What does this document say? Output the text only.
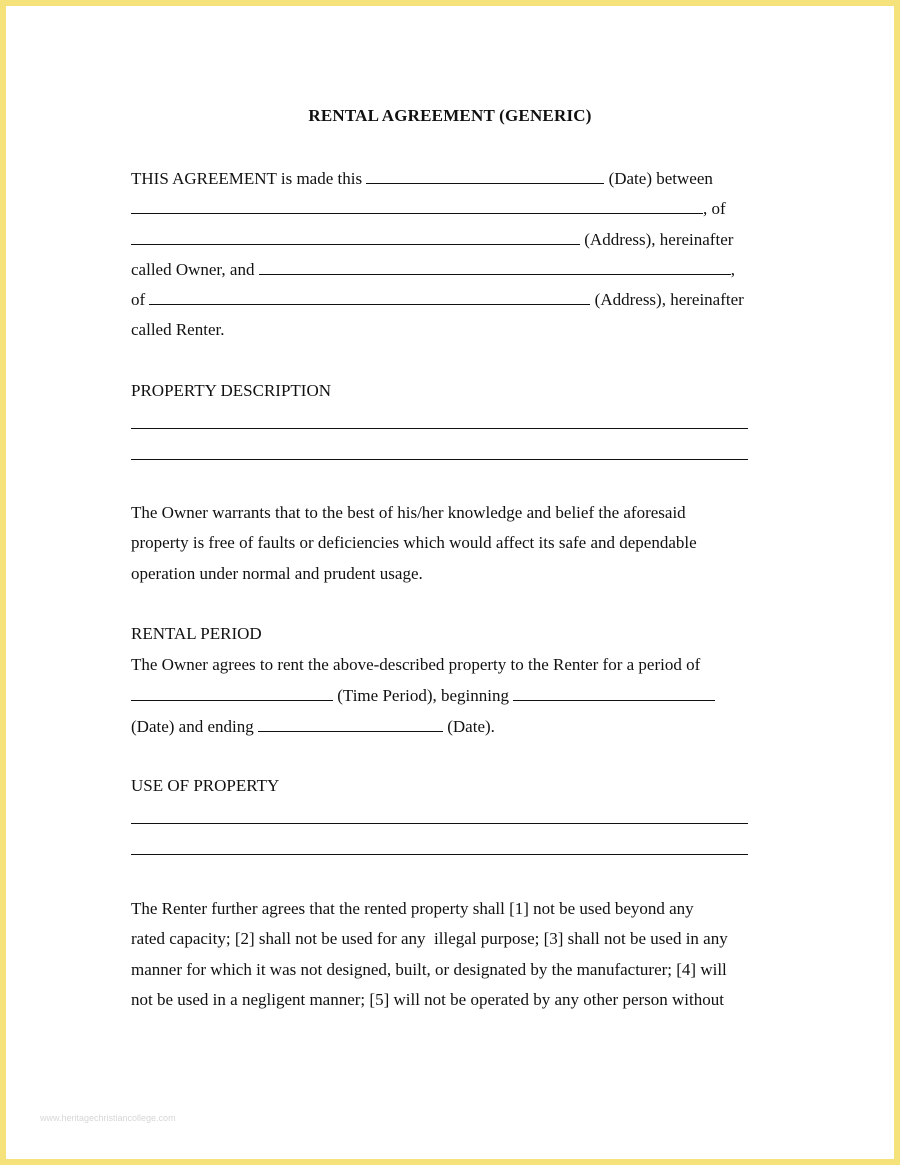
RENTAL AGREEMENT (GENERIC)
THIS AGREEMENT is made this	(Date) between
, of
(Address), hereinafter
called Owner, and	,
of	(Address), hereinafter
called Renter.
PROPERTY DESCRIPTION
The Owner warrants that to the best of his/her knowledge and belief the aforesaid
property is free of faults or deficiencies which would affect its safe and dependable
operation under normal and prudent usage.
RENTAL PERIOD
The Owner agrees to rent the above-described property to the Renter for a period of
(Time Period), beginning
(Date) and ending	(Date).
USE OF PROPERTY
The Renter further agrees that the rented property shall [1] not be used beyond any
rated capacity; [2] shall not be used for any  illegal purpose; [3] shall not be used in any
manner for which it was not designed, built, or designated by the manufacturer; [4] will
not be used in a negligent manner; [5] will not be operated by any other person without
www.heritagechristiancollege.com
